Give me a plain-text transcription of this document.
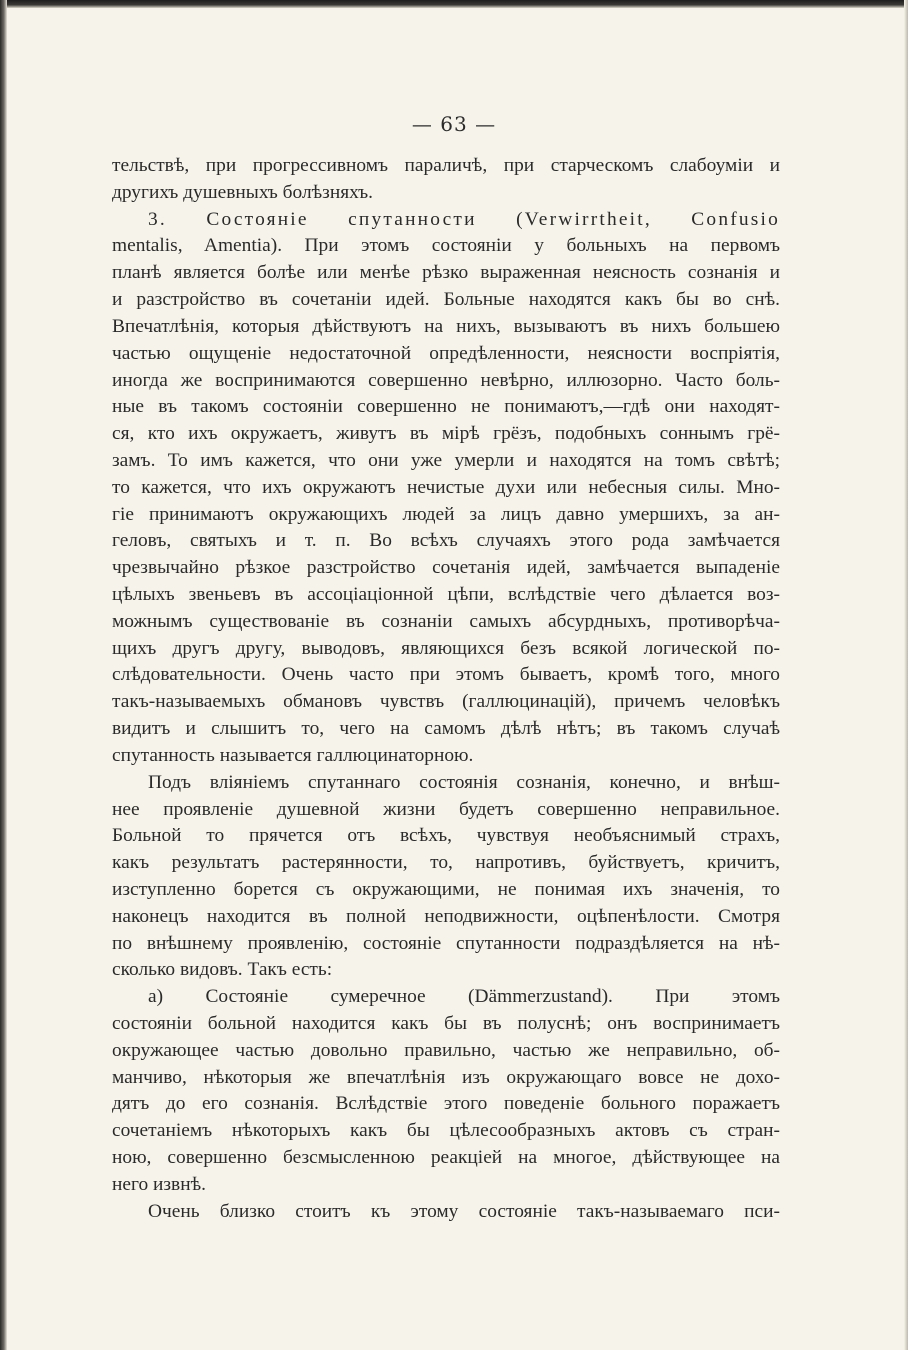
— 63 —
тельствѣ, при прогрессивномъ параличѣ, при старческомъ слабоуміи и
другихъ душевныхъ болѣзняхъ.
3. Состояніе спутанности (Verwirrtheit, Confusio
mentalis, Amentia). При этомъ состояніи у больныхъ на первомъ
планѣ является болѣе или менѣе рѣзко выраженная неясность сознанія и
и разстройство въ сочетаніи идей. Больные находятся какъ бы во снѣ.
Впечатлѣнія, которыя дѣйствуютъ на нихъ, вызываютъ въ нихъ большею
частью ощущеніе недостаточной опредѣленности, неясности воспріятія,
иногда же воспринимаются совершенно невѣрно, иллюзорно. Часто боль-
ные въ такомъ состояніи совершенно не понимаютъ,—гдѣ они находят-
ся, кто ихъ окружаетъ, живутъ въ мірѣ грёзъ, подобныхъ соннымъ грё-
замъ. То имъ кажется, что они уже умерли и находятся на томъ свѣтѣ;
то кажется, что ихъ окружаютъ нечистые духи или небесныя силы. Мно-
гіе принимаютъ окружающихъ людей за лицъ давно умершихъ, за ан-
геловъ, святыхъ и т. п. Во всѣхъ случаяхъ этого рода замѣчается
чрезвычайно рѣзкое разстройство сочетанія идей, замѣчается выпаденіе
цѣлыхъ звеньевъ въ ассоціаціонной цѣпи, вслѣдствіе чего дѣлается воз-
можнымъ существованіе въ сознаніи самыхъ абсурдныхъ, противорѣча-
щихъ другъ другу, выводовъ, являющихся безъ всякой логической по-
слѣдовательности. Очень часто при этомъ бываетъ, кромѣ того, много
такъ-называемыхъ обмановъ чувствъ (галлюцинацій), причемъ человѣкъ
видитъ и слышитъ то, чего на самомъ дѣлѣ нѣтъ; въ такомъ случаѣ
спутанность называется галлюцинаторною.
Подъ вліяніемъ спутаннаго состоянія сознанія, конечно, и внѣш-
нее проявленіе душевной жизни будетъ совершенно неправильное.
Больной то прячется отъ всѣхъ, чувствуя необъяснимый страхъ,
какъ результатъ растерянности, то, напротивъ, буйствуетъ, кричитъ,
изступленно борется съ окружающими, не понимая ихъ значенія, то
наконецъ находится въ полной неподвижности, оцѣпенѣлости. Смотря
по внѣшнему проявленію, состояніе спутанности подраздѣляется на нѣ-
сколько видовъ. Такъ есть:
а) Состояніе сумеречное (Dämmerzustand). При этомъ
состояніи больной находится какъ бы въ полуснѣ; онъ воспринимаетъ
окружающее частью довольно правильно, частью же неправильно, об-
манчиво, нѣкоторыя же впечатлѣнія изъ окружающаго вовсе не дохо-
дятъ до его сознанія. Вслѣдствіе этого поведеніе больного поражаетъ
сочетаніемъ нѣкоторыхъ какъ бы цѣлесообразныхъ актовъ съ стран-
ною, совершенно безсмысленною реакціей на многое, дѣйствующее на
него извнѣ.
Очень близко стоитъ къ этому состояніе такъ-называемаго пси-
